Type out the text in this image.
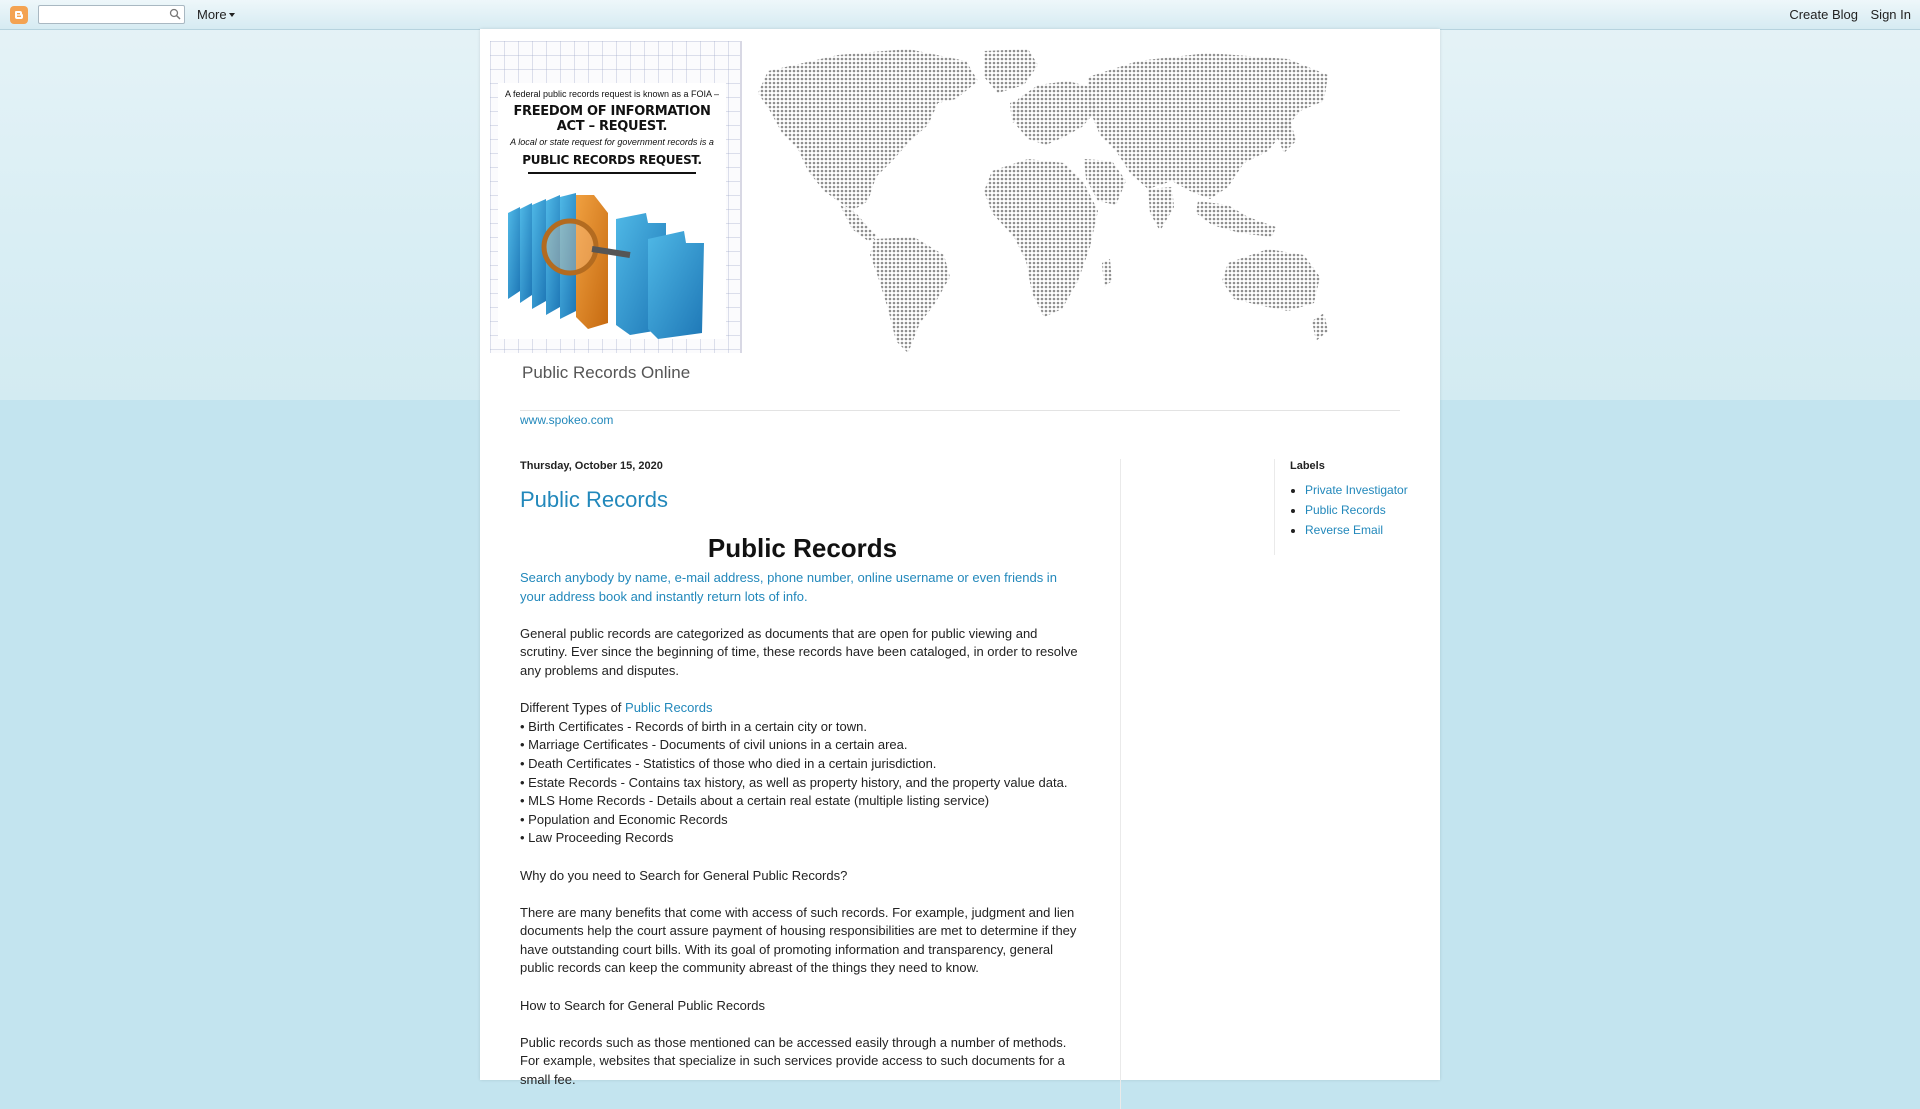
More	Create Blog Sign In
A federal public records request is known as a FOIA –
FREEDOM OF INFORMATION
ACT – REQUEST.
A local or state request for government records is a
PUBLIC RECORDS REQUEST.
Public Records Online
www.spokeo.com
Thursday, October 15, 2020
Public Records
Public Records

Search anybody by name, e-mail address, phone number, online username or even friends in your address book and instantly return lots of info.

General public records are categorized as documents that are open for public viewing and scrutiny. Ever since the beginning of time, these records have been cataloged, in order to resolve any problems and disputes.

Different Types of Public Records

• Birth Certificates - Records of birth in a certain city or town.

• Marriage Certificates - Documents of civil unions in a certain area.

• Death Certificates - Statistics of those who died in a certain jurisdiction.

• Estate Records - Contains tax history, as well as property history, and the property value data.

• MLS Home Records - Details about a certain real estate (multiple listing service)

• Population and Economic Records

• Law Proceeding Records

Why do you need to Search for General Public Records?

There are many benefits that come with access of such records. For example, judgment and lien documents help the court assure payment of housing responsibilities are met to determine if they have outstanding court bills. With its goal of promoting information and transparency, general public records can keep the community abreast of the things they need to know.

How to Search for General Public Records

Public records such as those mentioned can be accessed easily through a number of methods. For example, websites that specialize in such services provide access to such documents for a small fee.

Labels
• Private Investigator
• Public Records
• Reverse Email
